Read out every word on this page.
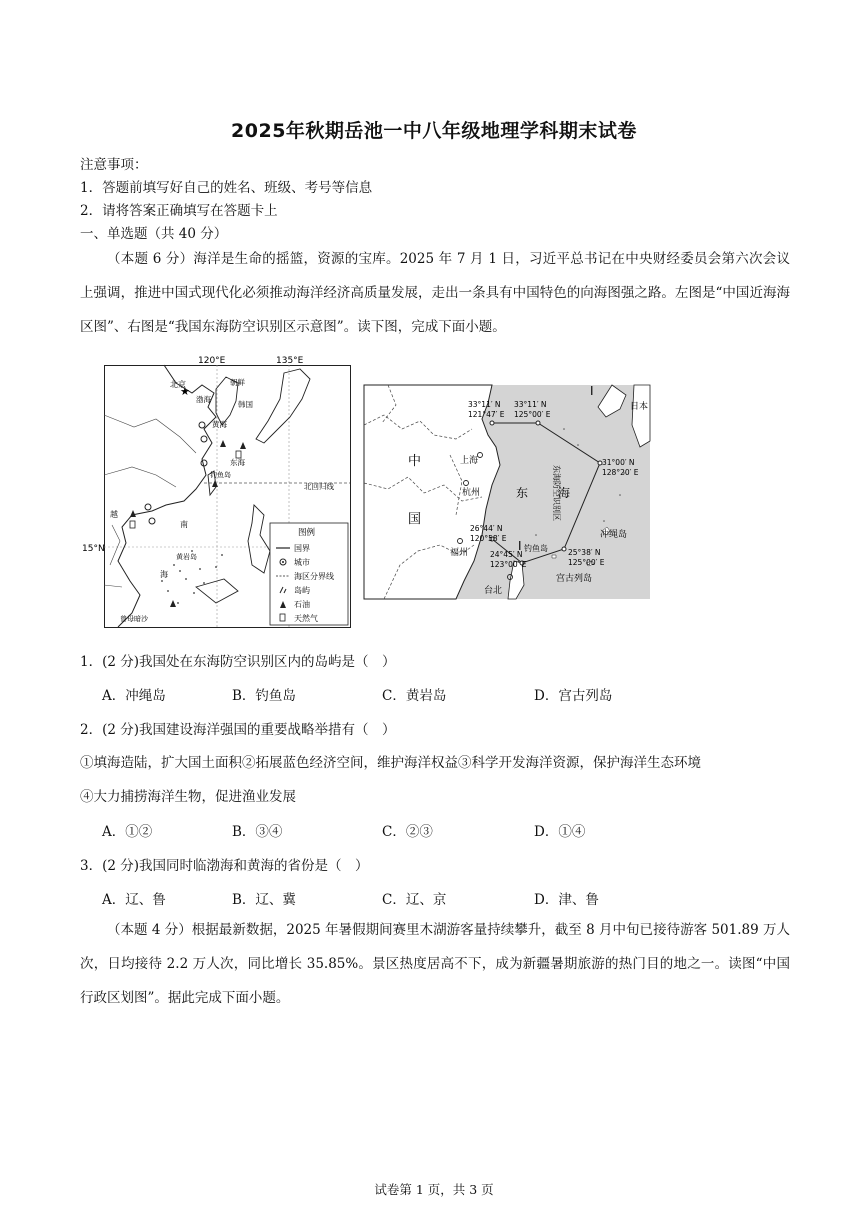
2025年秋期岳池一中八年级地理学科期末试卷
注意事项：
1．答题前填写好自己的姓名、班级、考号等信息
2．请将答案正确填写在答题卡上
一、单选题（共 40 分）
（本题 6 分）海洋是生命的摇篮，资源的宝库。2025 年 7 月 1 日，习近平总书记在中央财经委员会第六次会议上强调，推进中国式现代化必须推动海洋经济高质量发展，走出一条具有中国特色的向海图强之路。左图是“中国近海海区图”、右图是“我国东海防空识别区示意图”。读下图，完成下面小题。
★
120°E	135°E
北京
渤海
朝鲜
韩国
黄海
东海
钓鱼岛
北回归线
越
南
海
黄岩岛
曾母暗沙
15°N
图例
国界
城市
海区分界线
岛屿
石油
天然气
Ⅰ
Ⅰ
中
国
上海
杭州
福州
台北
东 海
日本
冲绳岛
钓鱼岛
宫古列岛
东海防空识别区
33°11′ N
121°47′ E
33°11′ N
125°00′ E
31°00′ N
128°20′ E
25°38′ N
125°00′ E
26°44′ N
120°58′ E
24°45′ N
123°00′ E
1．(2 分)我国处在东海防空识别区内的岛屿是（　）
A．冲绳岛	B．钓鱼岛	C．黄岩岛	D．宫古列岛
2．(2 分)我国建设海洋强国的重要战略举措有（　）
①填海造陆，扩大国土面积②拓展蓝色经济空间，维护海洋权益③科学开发海洋资源，保护海洋生态环境
④大力捕捞海洋生物，促进渔业发展
A．①②	B．③④	C．②③	D．①④
3．(2 分)我国同时临渤海和黄海的省份是（　）
A．辽、鲁	B．辽、冀	C．辽、京	D．津、鲁
（本题 4 分）根据最新数据，2025 年暑假期间赛里木湖游客量持续攀升，截至 8 月中旬已接待游客 501.89 万人次，日均接待 2.2 万人次，同比增长 35.85%。景区热度居高不下，成为新疆暑期旅游的热门目的地之一。读图“中国行政区划图”。据此完成下面小题。
试卷第 1 页，共 3 页
